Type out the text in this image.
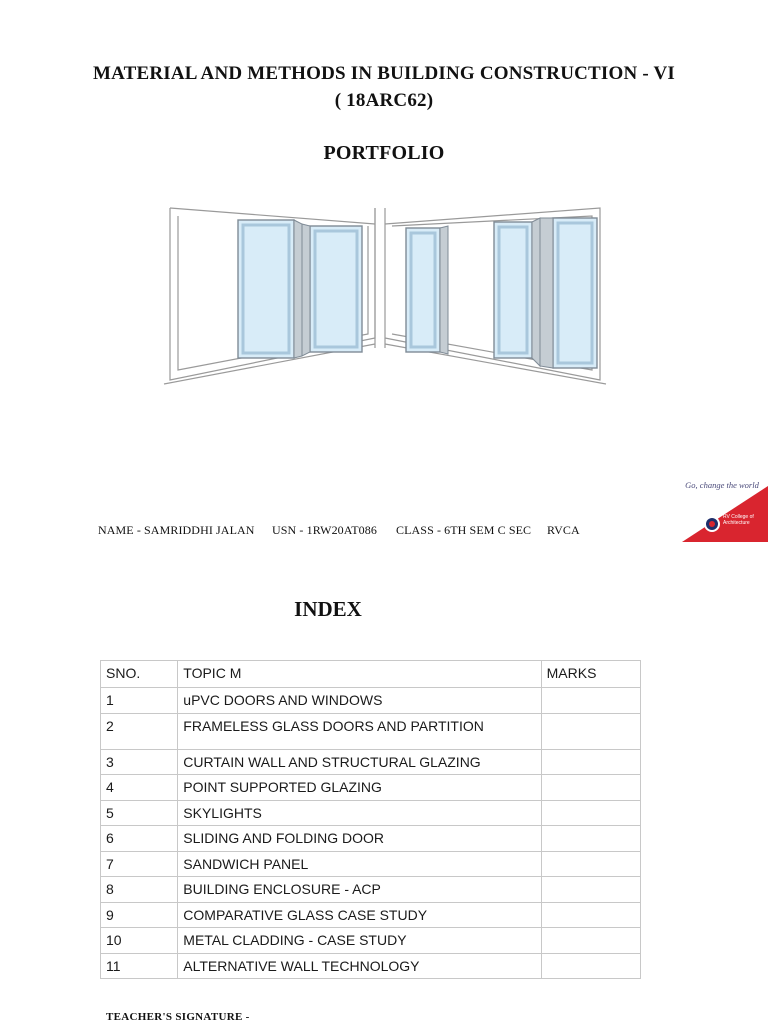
MATERIAL AND METHODS IN BUILDING CONSTRUCTION - VI
( 18ARC62)
PORTFOLIO
NAME - SAMRIDDHI JALAN USN - 1RW20AT086 CLASS - 6TH SEM C SEC RVCA
Go, change the world
RV College of Architecture
INDEX
SNO.	TOPIC M	MARKS
1	uPVC DOORS AND WINDOWS	
2	FRAMELESS GLASS DOORS AND PARTITION	
3	CURTAIN WALL AND STRUCTURAL GLAZING	
4	POINT SUPPORTED GLAZING	
5	SKYLIGHTS	
6	SLIDING AND FOLDING DOOR	
7	SANDWICH PANEL	
8	BUILDING ENCLOSURE - ACP	
9	COMPARATIVE GLASS CASE STUDY	
10	METAL CLADDING - CASE STUDY	
11	ALTERNATIVE WALL TECHNOLOGY	
TEACHER'S SIGNATURE -
